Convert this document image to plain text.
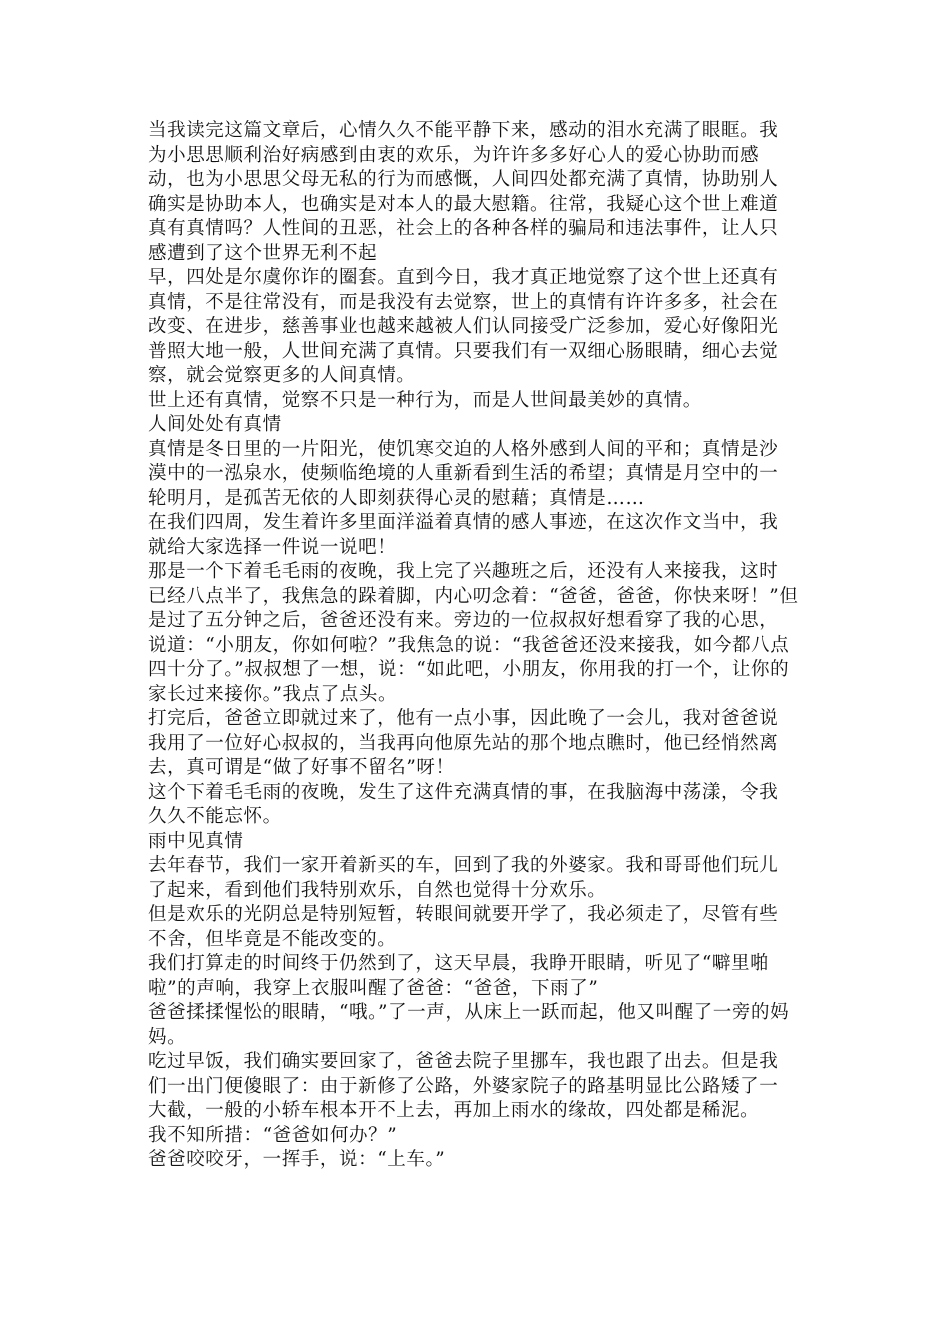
当我读完这篇文章后，心情久久不能平静下来，感动的泪水充满了眼眶。我
为小思思顺利治好病感到由衷的欢乐，为许许多多好心人的爱心协助而感
动，也为小思思父母无私的行为而感慨，人间四处都充满了真情，协助别人
确实是协助本人，也确实是对本人的最大慰籍。往常，我疑心这个世上难道
真有真情吗？人性间的丑恶，社会上的各种各样的骗局和违法事件，让人只
感遭到了这个世界无利不起
早，四处是尔虞你诈的圈套。直到今日，我才真正地觉察了这个世上还真有
真情，不是往常没有，而是我没有去觉察，世上的真情有许许多多，社会在
改变、在进步，慈善事业也越来越被人们认同接受广泛参加，爱心好像阳光
普照大地一般，人世间充满了真情。只要我们有一双细心肠眼睛，细心去觉
察，就会觉察更多的人间真情。
世上还有真情，觉察不只是一种行为，而是人世间最美妙的真情。
人间处处有真情
真情是冬日里的一片阳光，使饥寒交迫的人格外感到人间的平和；真情是沙
漠中的一泓泉水，使频临绝境的人重新看到生活的希望；真情是月空中的一
轮明月，是孤苦无依的人即刻获得心灵的慰藉；真情是……
在我们四周，发生着许多里面洋溢着真情的感人事迹，在这次作文当中，我
就给大家选择一件说一说吧！
那是一个下着毛毛雨的夜晚，我上完了兴趣班之后，还没有人来接我，这时
已经八点半了，我焦急的跺着脚，内心叨念着：“爸爸，爸爸，你快来呀！”但
是过了五分钟之后，爸爸还没有来。旁边的一位叔叔好想看穿了我的心思，
说道：“小朋友，你如何啦？”我焦急的说：“我爸爸还没来接我，如今都八点
四十分了。”叔叔想了一想，说：“如此吧，小朋友，你用我的打一个，让你的
家长过来接你。”我点了点头。
打完后，爸爸立即就过来了，他有一点小事，因此晚了一会儿，我对爸爸说
我用了一位好心叔叔的，当我再向他原先站的那个地点瞧时，他已经悄然离
去，真可谓是“做了好事不留名”呀！
这个下着毛毛雨的夜晚，发生了这件充满真情的事，在我脑海中荡漾，令我
久久不能忘怀。
雨中见真情
去年春节，我们一家开着新买的车，回到了我的外婆家。我和哥哥他们玩儿
了起来，看到他们我特别欢乐，自然也觉得十分欢乐。
但是欢乐的光阴总是特别短暂，转眼间就要开学了，我必须走了，尽管有些
不舍，但毕竟是不能改变的。
我们打算走的时间终于仍然到了，这天早晨，我睁开眼睛，听见了“噼里啪
啦”的声响，我穿上衣服叫醒了爸爸：“爸爸，下雨了”
爸爸揉揉惺忪的眼睛，“哦。”了一声，从床上一跃而起，他又叫醒了一旁的妈
妈。
吃过早饭，我们确实要回家了，爸爸去院子里挪车，我也跟了出去。但是我
们一出门便傻眼了：由于新修了公路，外婆家院子的路基明显比公路矮了一
大截，一般的小轿车根本开不上去，再加上雨水的缘故，四处都是稀泥。
我不知所措：“爸爸如何办？”
爸爸咬咬牙，一挥手，说：“上车。”
